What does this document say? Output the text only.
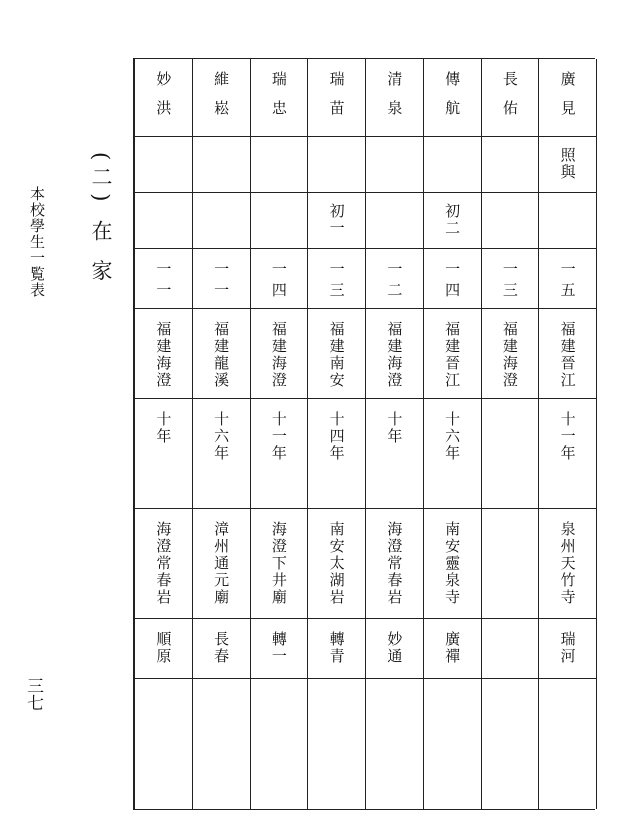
本校學生一覧表
三七
(二) 在 家
廣見
照與
一五
福建晉江
十一年
泉州天竹寺
瑞河
長佑
一三
福建海澄
傳航
初二
一四
福建晉江
十六年
南安靈泉寺
廣禪
清泉
一二
福建海澄
十年
海澄常春岩
妙通
瑞苗
初一
一三
福建南安
十四年
南安太湖岩
轉青
瑞忠
一四
福建海澄
十一年
海澄下井廟
轉一
維崧
一一
福建龍溪
十六年
漳州通元廟
長春
妙洪
一一
福建海澄
十年
海澄常春岩
順原
